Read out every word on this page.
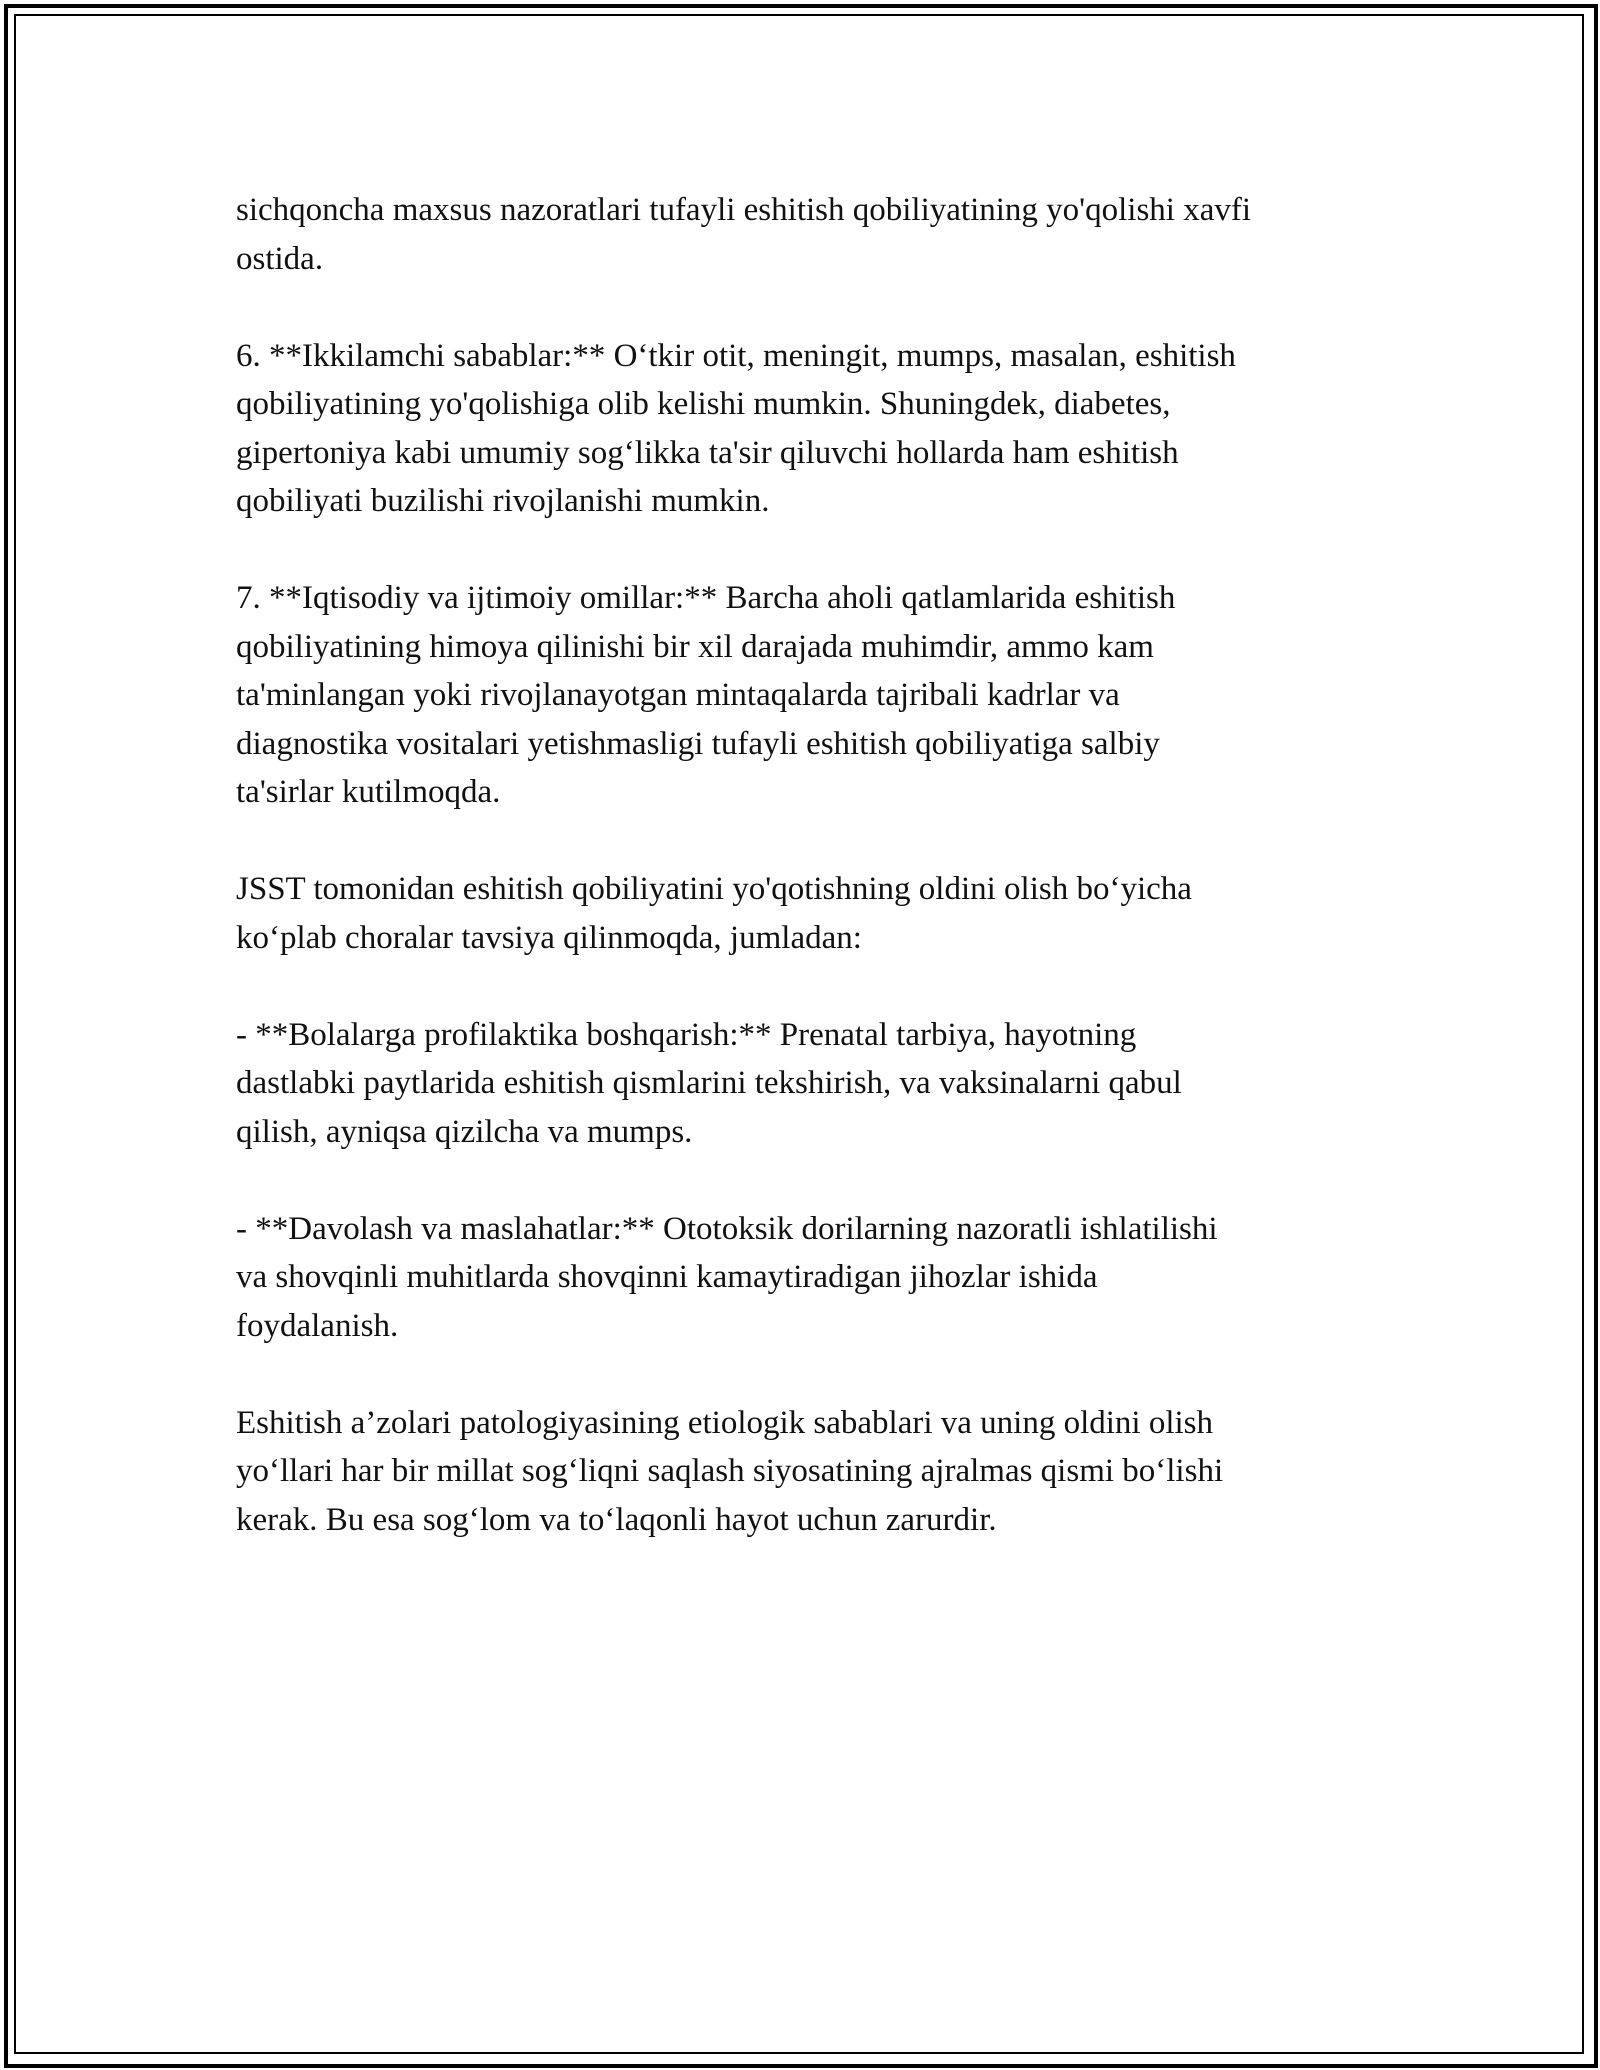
sichqoncha maxsus nazoratlari tufayli eshitish qobiliyatining yo'qolishi xavfi
ostida.

6. **Ikkilamchi sabablar:** O‘tkir otit, meningit, mumps, masalan, eshitish
qobiliyatining yo'qolishiga olib kelishi mumkin. Shuningdek, diabetes,
gipertoniya kabi umumiy sog‘likka ta'sir qiluvchi hollarda ham eshitish
qobiliyati buzilishi rivojlanishi mumkin.

7. **Iqtisodiy va ijtimoiy omillar:** Barcha aholi qatlamlarida eshitish
qobiliyatining himoya qilinishi bir xil darajada muhimdir, ammo kam
ta'minlangan yoki rivojlanayotgan mintaqalarda tajribali kadrlar va
diagnostika vositalari yetishmasligi tufayli eshitish qobiliyatiga salbiy
ta'sirlar kutilmoqda.

JSST tomonidan eshitish qobiliyatini yo'qotishning oldini olish bo‘yicha
ko‘plab choralar tavsiya qilinmoqda, jumladan:

- **Bolalarga profilaktika boshqarish:** Prenatal tarbiya, hayotning
dastlabki paytlarida eshitish qismlarini tekshirish, va vaksinalarni qabul
qilish, ayniqsa qizilcha va mumps.

- **Davolash va maslahatlar:** Ototoksik dorilarning nazoratli ishlatilishi
va shovqinli muhitlarda shovqinni kamaytiradigan jihozlar ishida
foydalanish.

Eshitish a’zolari patologiyasining etiologik sabablari va uning oldini olish
yo‘llari har bir millat sog‘liqni saqlash siyosatining ajralmas qismi bo‘lishi
kerak. Bu esa sog‘lom va to‘laqonli hayot uchun zarurdir.
